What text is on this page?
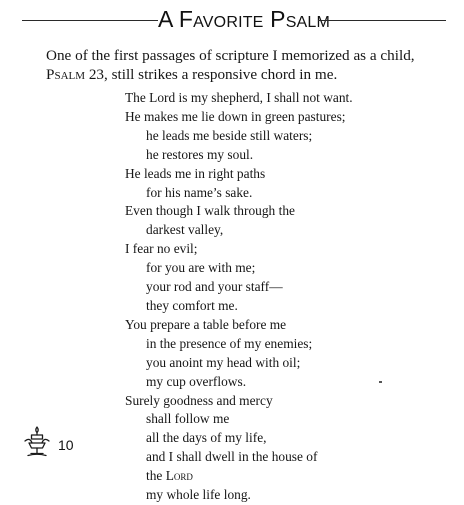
A Favorite Psalm

One of the first passages of scripture I memorized as a child, Psalm 23, still strikes a responsive chord in me.

The Lord is my shepherd, I shall not want.
He makes me lie down in green pastures;
he leads me beside still waters;
he restores my soul.
He leads me in right paths
for his name’s sake.
Even though I walk through the
darkest valley,
I fear no evil;
for you are with me;
your rod and your staff—
they comfort me.
You prepare a table before me
in the presence of my enemies;
you anoint my head with oil;
my cup overflows.
Surely goodness and mercy
shall follow me
all the days of my life,
and I shall dwell in the house of
the Lord
my whole life long.
10
